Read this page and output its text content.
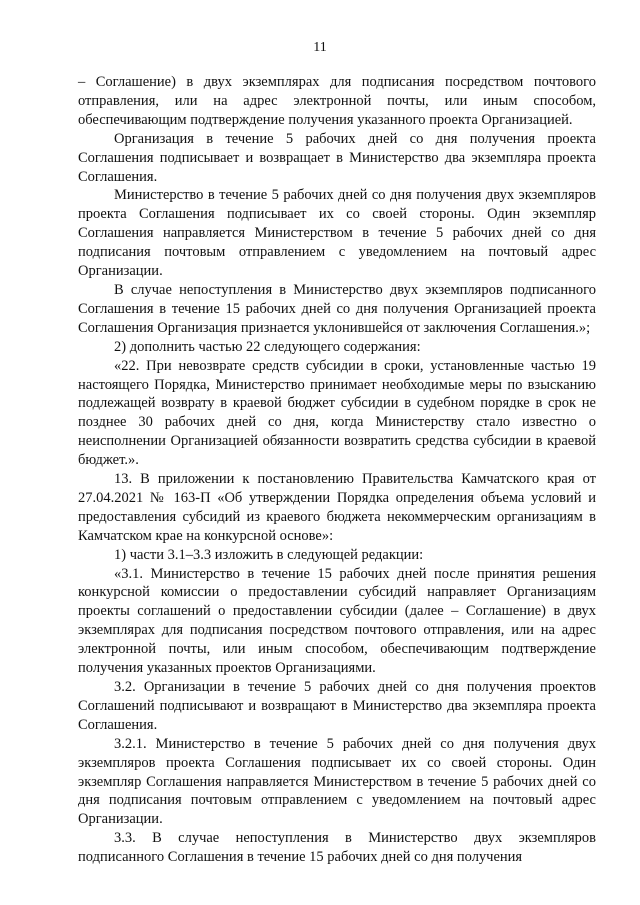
11

– Соглашение) в двух экземплярах для подписания посредством почтового отправления, или на адрес электронной почты, или иным способом, обеспечивающим подтверждение получения указанного проекта Организацией.

Организация в течение 5 рабочих дней со дня получения проекта Соглашения подписывает и возвращает в Министерство два экземпляра проекта Соглашения.

Министерство в течение 5 рабочих дней со дня получения двух экземпляров проекта Соглашения подписывает их со своей стороны. Один экземпляр Соглашения направляется Министерством в течение 5 рабочих дней со дня подписания почтовым отправлением с уведомлением на почтовый адрес Организации.

В случае непоступления в Министерство двух экземпляров подписанного Соглашения в течение 15 рабочих дней со дня получения Организацией проекта Соглашения Организация признается уклонившейся от заключения Соглашения.»;

2) дополнить частью 22 следующего содержания:

«22. При невозврате средств субсидии в сроки, установленные частью 19 настоящего Порядка, Министерство принимает необходимые меры по взысканию подлежащей возврату в краевой бюджет субсидии в судебном порядке в срок не позднее 30 рабочих дней со дня, когда Министерству стало известно о неисполнении Организацией обязанности возвратить средства субсидии в краевой бюджет.».

13. В приложении к постановлению Правительства Камчатского края от 27.04.2021 № 163-П «Об утверждении Порядка определения объема условий и предоставления субсидий из краевого бюджета некоммерческим организациям в Камчатском крае на конкурсной основе»:

1) части 3.1–3.3 изложить в следующей редакции:

«3.1. Министерство в течение 15 рабочих дней после принятия решения конкурсной комиссии о предоставлении субсидий направляет Организациям проекты соглашений о предоставлении субсидии (далее – Соглашение) в двух экземплярах для подписания посредством почтового отправления, или на адрес электронной почты, или иным способом, обеспечивающим подтверждение получения указанных проектов Организациями.

3.2. Организации в течение 5 рабочих дней со дня получения проектов Соглашений подписывают и возвращают в Министерство два экземпляра проекта Соглашения.

3.2.1. Министерство в течение 5 рабочих дней со дня получения двух экземпляров проекта Соглашения подписывает их со своей стороны. Один экземпляр Соглашения направляется Министерством в течение 5 рабочих дней со дня подписания почтовым отправлением с уведомлением на почтовый адрес Организации.

3.3. В случае непоступления в Министерство двух экземпляров подписанного Соглашения в течение 15 рабочих дней со дня получения
